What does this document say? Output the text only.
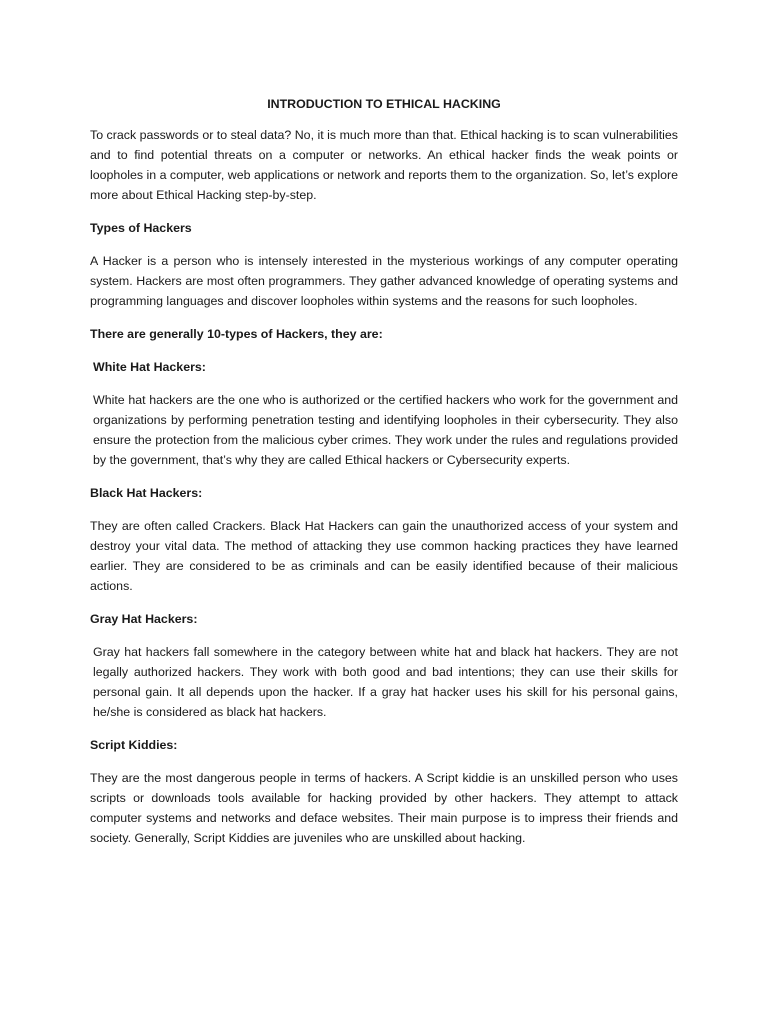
INTRODUCTION TO ETHICAL HACKING

To crack passwords or to steal data? No, it is much more than that. Ethical hacking is to scan vulnerabilities and to find potential threats on a computer or networks. An ethical hacker finds the weak points or loopholes in a computer, web applications or network and reports them to the organization. So, let’s explore more about Ethical Hacking step-by-step.

Types of Hackers

A Hacker is a person who is intensely interested in the mysterious workings of any computer operating system. Hackers are most often programmers. They gather advanced knowledge of operating systems and programming languages and discover loopholes within systems and the reasons for such loopholes.

There are generally 10-types of Hackers, they are:
White Hat Hackers:

White hat hackers are the one who is authorized or the certified hackers who work for the government and organizations by performing penetration testing and identifying loopholes in their cybersecurity. They also ensure the protection from the malicious cyber crimes. They work under the rules and regulations provided by the government, that’s why they are called Ethical hackers or Cybersecurity experts.

Black Hat Hackers:

They are often called Crackers. Black Hat Hackers can gain the unauthorized access of your system and destroy your vital data. The method of attacking they use common hacking practices they have learned earlier. They are considered to be as criminals and can be easily identified because of their malicious actions.

Gray Hat Hackers:

Gray hat hackers fall somewhere in the category between white hat and black hat hackers. They are not legally authorized hackers. They work with both good and bad intentions; they can use their skills for personal gain. It all depends upon the hacker. If a gray hat hacker uses his skill for his personal gains, he/she is considered as black hat hackers.

Script Kiddies:

They are the most dangerous people in terms of hackers. A Script kiddie is an unskilled person who uses scripts or downloads tools available for hacking provided by other hackers. They attempt to attack computer systems and networks and deface websites. Their main purpose is to impress their friends and society. Generally, Script Kiddies are juveniles who are unskilled about hacking.
